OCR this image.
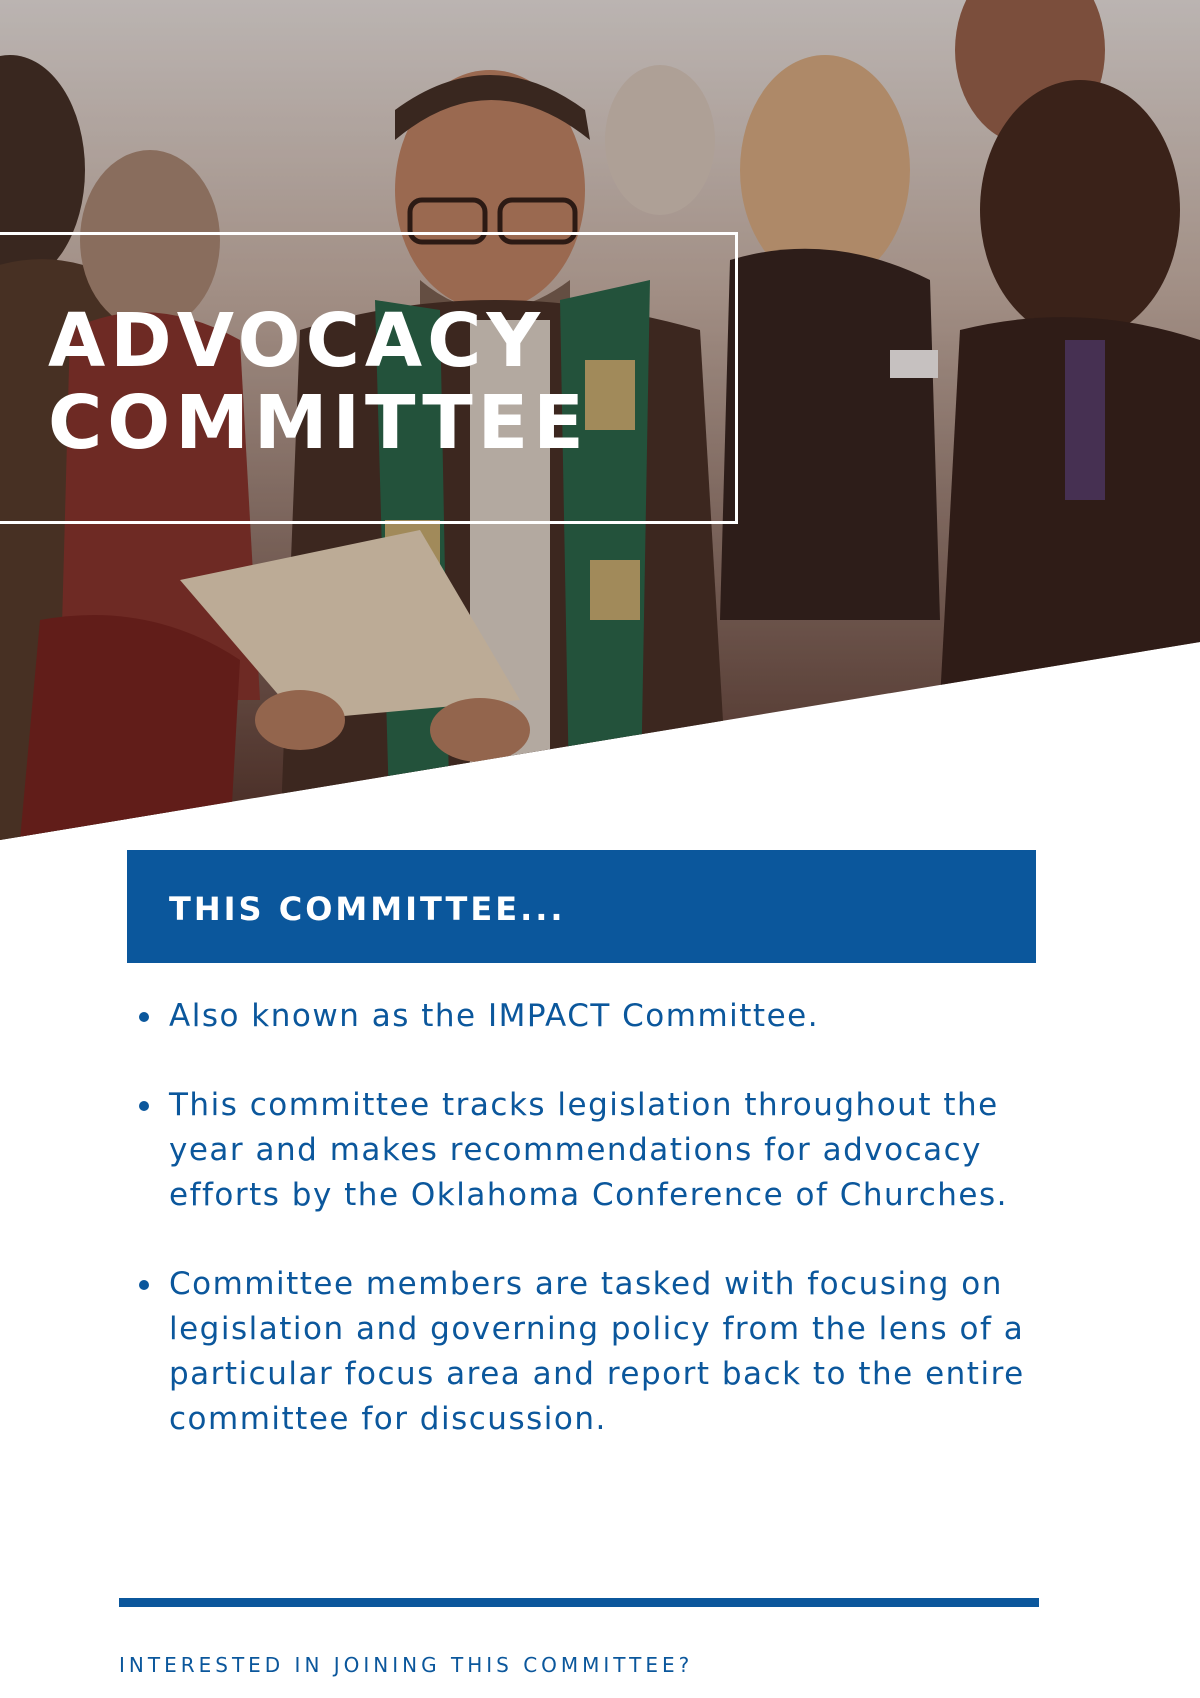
ADVOCACY
COMMITTEE

THIS COMMITTEE...

Also known as the IMPACT Committee.
This committee tracks legislation throughout the year and makes recommendations for advocacy efforts by the Oklahoma Conference of Churches.
Committee members are tasked with focusing on legislation and governing policy from the lens of a particular focus area and report back to the entire committee for discussion.

INTERESTED IN JOINING THIS COMMITTEE?
